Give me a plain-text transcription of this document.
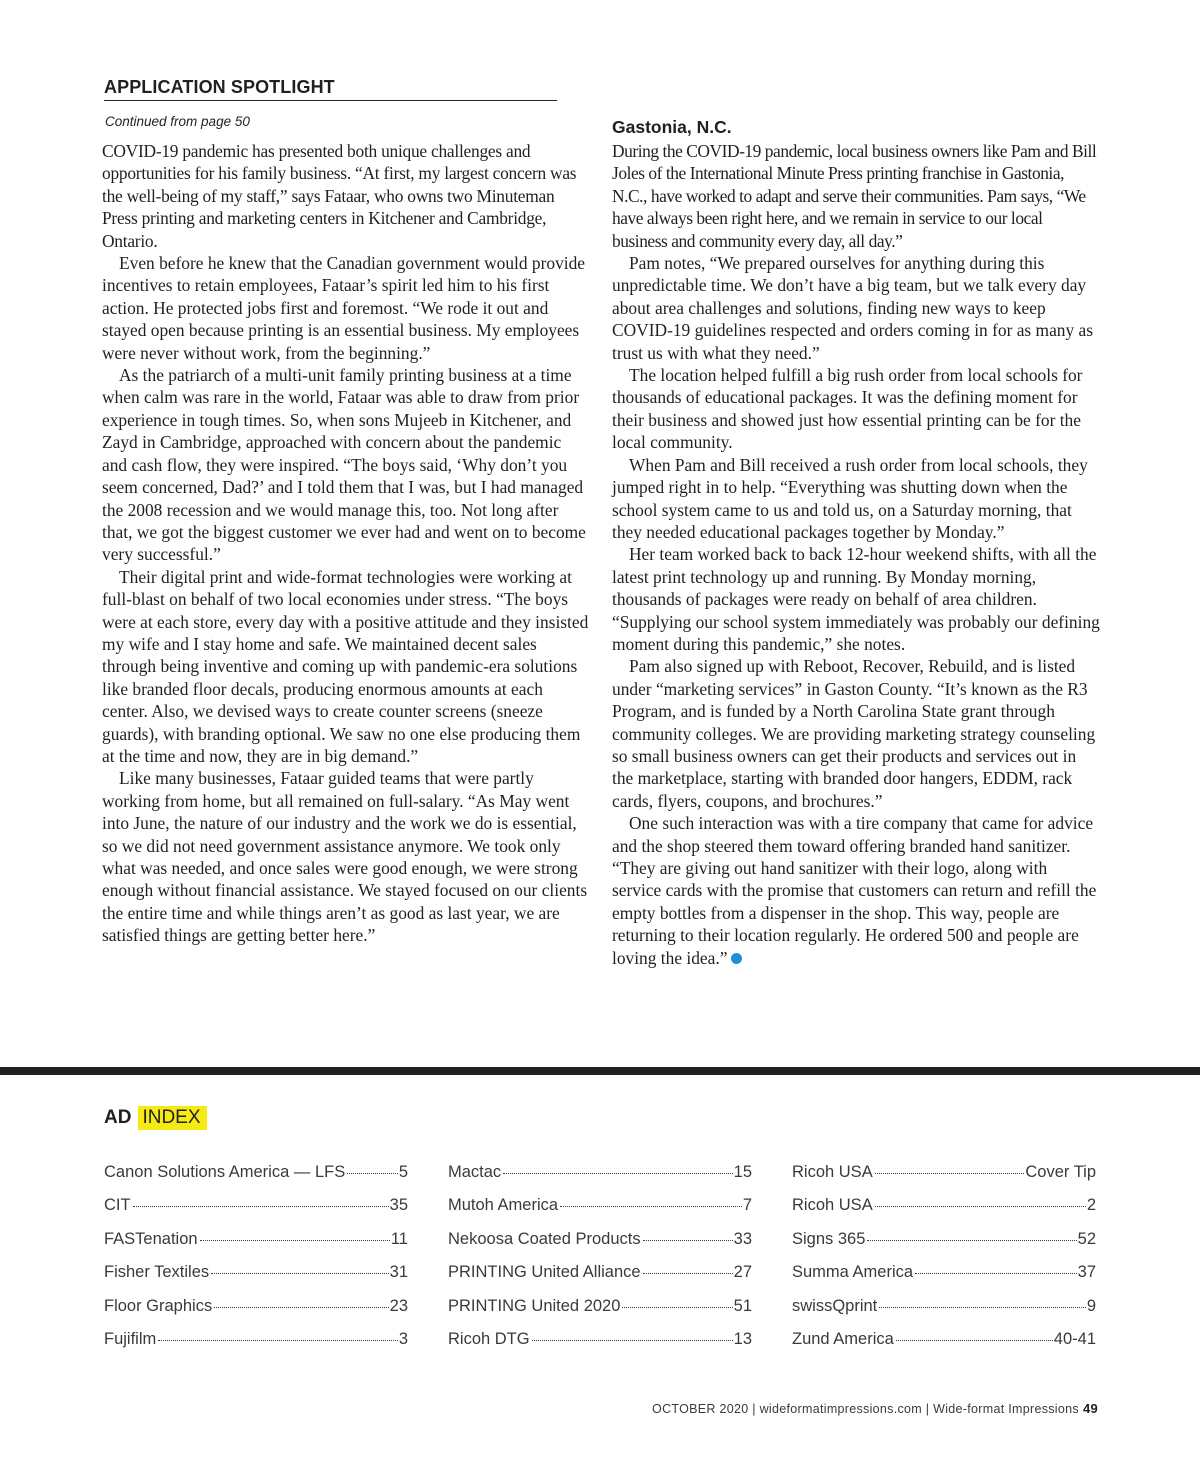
APPLICATION SPOTLIGHT
Continued from page 50	Gastonia, N.C.

COVID-19 pandemic has presented both unique challenges and opportunities for his family business. “At first, my largest concern was the well-being of my staff,” says Fataar, who owns two Minuteman Press printing and marketing centers in Kitchener and Cambridge, Ontario.

Even before he knew that the Canadian government would provide incentives to retain employees, Fataar’s spirit led him to his first action. He protected jobs first and foremost. “We rode it out and stayed open because printing is an essential business. My employees were never without work, from the beginning.”

As the patriarch of a multi-unit family printing business at a time when calm was rare in the world, Fataar was able to draw from prior experience in tough times. So, when sons Mujeeb in Kitchener, and Zayd in Cambridge, approached with concern about the pandemic and cash flow, they were inspired. “The boys said, ‘Why don’t you seem concerned, Dad?’ and I told them that I was, but I had managed the 2008 recession and we would manage this, too. Not long after that, we got the biggest customer we ever had and went on to become very successful.”

Their digital print and wide-format technologies were working at full-blast on behalf of two local economies under stress. “The boys were at each store, every day with a positive attitude and they insisted my wife and I stay home and safe. We maintained decent sales through being inventive and coming up with pandemic-era solutions like branded floor decals, producing enormous amounts at each center. Also, we devised ways to create counter screens (sneeze guards), with branding optional. We saw no one else producing them at the time and now, they are in big demand.”

Like many businesses, Fataar guided teams that were partly working from home, but all remained on full-salary. “As May went into June, the nature of our industry and the work we do is essential, so we did not need government assistance anymore. We took only what was needed, and once sales were good enough, we were strong enough without financial assistance. We stayed focused on our clients the entire time and while things aren’t as good as last year, we are satisfied things are getting better here.”

During the COVID-19 pandemic, local business owners like Pam and Bill Joles of the International Minute Press printing franchise in Gastonia, N.C., have worked to adapt and serve their communities. Pam says, “We have always been right here, and we remain in service to our local business and community every day, all day.”

Pam notes, “We prepared ourselves for anything during this unpredictable time. We don’t have a big team, but we talk every day about area challenges and solutions, finding new ways to keep COVID-19 guidelines respected and orders coming in for as many as trust us with what they need.”

The location helped fulfill a big rush order from local schools for thousands of educational packages. It was the defining moment for their business and showed just how essential printing can be for the local community.

When Pam and Bill received a rush order from local schools, they jumped right in to help. “Everything was shutting down when the school system came to us and told us, on a Saturday morning, that they needed educational packages together by Monday.”

Her team worked back to back 12-hour weekend shifts, with all the latest print technology up and running. By Monday morning, thousands of packages were ready on behalf of area children. “Supplying our school system immediately was probably our defining moment during this pandemic,” she notes.

Pam also signed up with Reboot, Recover, Rebuild, and is listed under “marketing services” in Gaston County. “It’s known as the R3 Program, and is funded by a North Carolina State grant through community colleges. We are providing marketing strategy counseling so small business owners can get their products and services out in the marketplace, starting with branded door hangers, EDDM, rack cards, flyers, coupons, and brochures.”

One such interaction was with a tire company that came for advice and the shop steered them toward offering branded hand sanitizer. “They are giving out hand sanitizer with their logo, along with service cards with the promise that customers can return and refill the empty bottles from a dispenser in the shop. This way, people are returning to their location regularly. He ordered 500 and people are loving the idea.”

AD INDEX
Canon Solutions America — LFS	5
CIT	35
FASTenation	11
Fisher Textiles	31
Floor Graphics	23
Fujifilm	3
Mactac	15
Mutoh America	7
Nekoosa Coated Products	33
PRINTING United Alliance	27
PRINTING United 2020	51
Ricoh DTG	13
Ricoh USA	Cover Tip
Ricoh USA	2
Signs 365	52
Summa America	37
swissQprint	9
Zund America	40-41
OCTOBER 2020 | wideformatimpressions.com | Wide-format Impressions 49
